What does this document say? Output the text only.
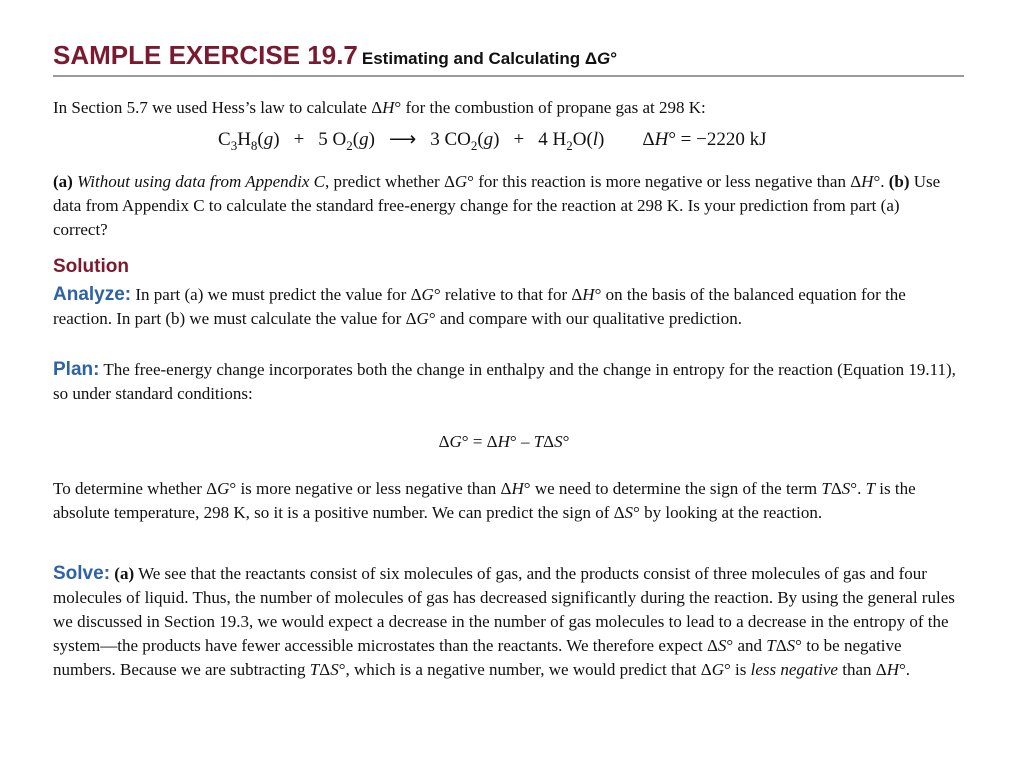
SAMPLE EXERCISE 19.7 Estimating and Calculating ΔG°

In Section 5.7 we used Hess’s law to calculate ΔH° for the combustion of propane gas at 298 K:

$C_3H_8(g) + 5$ $O_2(g)$ ⟶ 3 $CO_2(g) + 4$ $H_2O(l) \Delta H^\circ = -2220$ kJ

(a) Without using data from Appendix C, predict whether ΔG° for this reaction is more negative or less negative than ΔH°. (b) Use data from Appendix C to calculate the standard free-energy change for the reaction at 298 K. Is your prediction from part (a) correct?

Solution

Analyze: In part (a) we must predict the value for ΔG° relative to that for ΔH° on the basis of the balanced equation for the reaction. In part (b) we must calculate the value for ΔG° and compare with our qualitative prediction.

Plan: The free-energy change incorporates both the change in enthalpy and the change in entropy for the reaction (Equation 19.11), so under standard conditions:

ΔG° = ΔH° – TΔS°

To determine whether ΔG° is more negative or less negative than ΔH° we need to determine the sign of the term TΔS°. T is the absolute temperature, 298 K, so it is a positive number. We can predict the sign of ΔS° by looking at the reaction.

Solve: (a) We see that the reactants consist of six molecules of gas, and the products consist of three molecules of gas and four molecules of liquid. Thus, the number of molecules of gas has decreased significantly during the reaction. By using the general rules we discussed in Section 19.3, we would expect a decrease in the number of gas molecules to lead to a decrease in the entropy of the system—the products have fewer accessible microstates than the reactants. We therefore expect ΔS° and TΔS° to be negative numbers. Because we are subtracting TΔS°, which is a negative number, we would predict that ΔG° is less negative than ΔH°.
